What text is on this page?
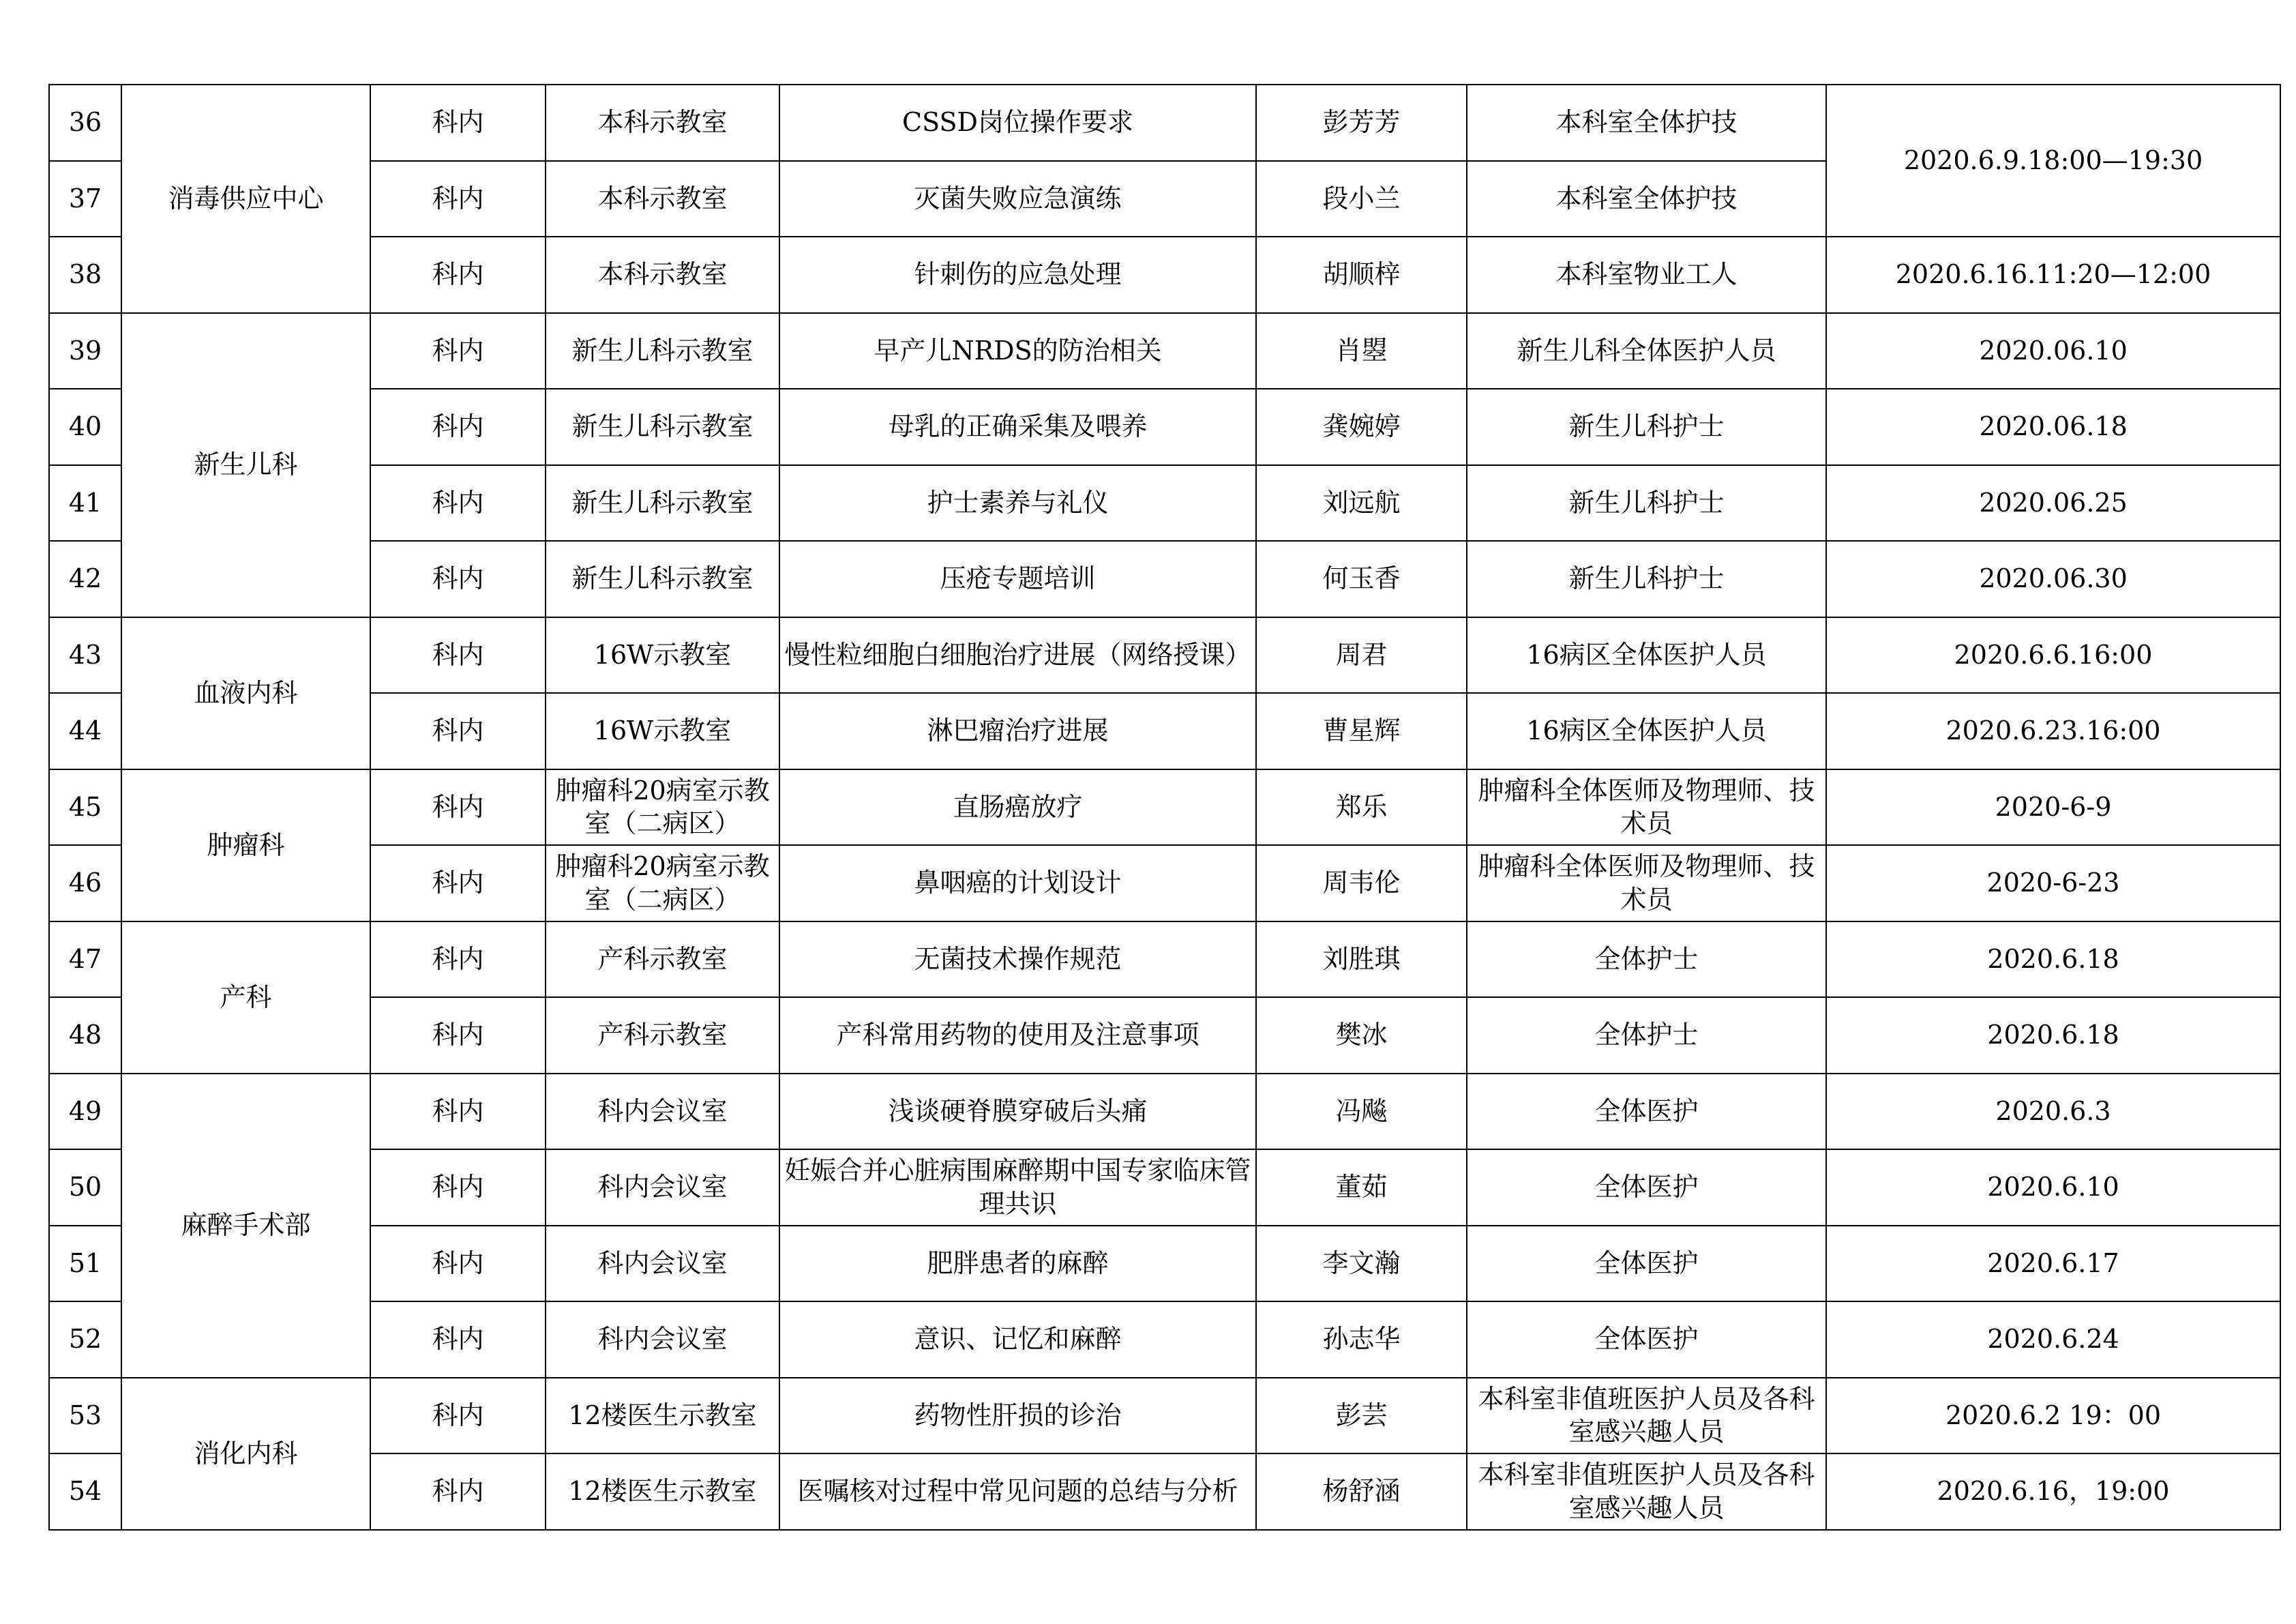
36	消毒供应中心	科内	本科示教室	CSSD岗位操作要求	彭芳芳	本科室全体护技	2020.6.9.18:00—19:30
37		科内	本科示教室	灭菌失败应急演练	段小兰	本科室全体护技	
38		科内	本科示教室	针刺伤的应急处理	胡顺梓	本科室物业工人	2020.6.16.11:20—12:00
39	新生儿科	科内	新生儿科示教室	早产儿NRDS的防治相关	肖曌	新生儿科全体医护人员	2020.06.10
40		科内	新生儿科示教室	母乳的正确采集及喂养	龚婉婷	新生儿科护士	2020.06.18
41		科内	新生儿科示教室	护士素养与礼仪	刘远航	新生儿科护士	2020.06.25
42		科内	新生儿科示教室	压疮专题培训	何玉香	新生儿科护士	2020.06.30
43	血液内科	科内	16W示教室	慢性粒细胞白细胞治疗进展（网络授课）	周君	16病区全体医护人员	2020.6.6.16:00
44		科内	16W示教室	淋巴瘤治疗进展	曹星辉	16病区全体医护人员	2020.6.23.16:00
45	肿瘤科	科内	肿瘤科20病室示教室（二病区）	直肠癌放疗	郑乐	肿瘤科全体医师及物理师、技术员	2020-6-9
46		科内	肿瘤科20病室示教室（二病区）	鼻咽癌的计划设计	周韦伦	肿瘤科全体医师及物理师、技术员	2020-6-23
47	产科	科内	产科示教室	无菌技术操作规范	刘胜琪	全体护士	2020.6.18
48		科内	产科示教室	产科常用药物的使用及注意事项	樊冰	全体护士	2020.6.18
49	麻醉手术部	科内	科内会议室	浅谈硬脊膜穿破后头痛	冯飚	全体医护	2020.6.3
50		科内	科内会议室	妊娠合并心脏病围麻醉期中国专家临床管理共识	董茹	全体医护	2020.6.10
51		科内	科内会议室	肥胖患者的麻醉	李文瀚	全体医护	2020.6.17
52		科内	科内会议室	意识、记忆和麻醉	孙志华	全体医护	2020.6.24
53	消化内科	科内	12楼医生示教室	药物性肝损的诊治	彭芸	本科室非值班医护人员及各科室感兴趣人员	2020.6.2 19：00
54		科内	12楼医生示教室	医嘱核对过程中常见问题的总结与分析	杨舒涵	本科室非值班医护人员及各科室感兴趣人员	2020.6.16，19:00
